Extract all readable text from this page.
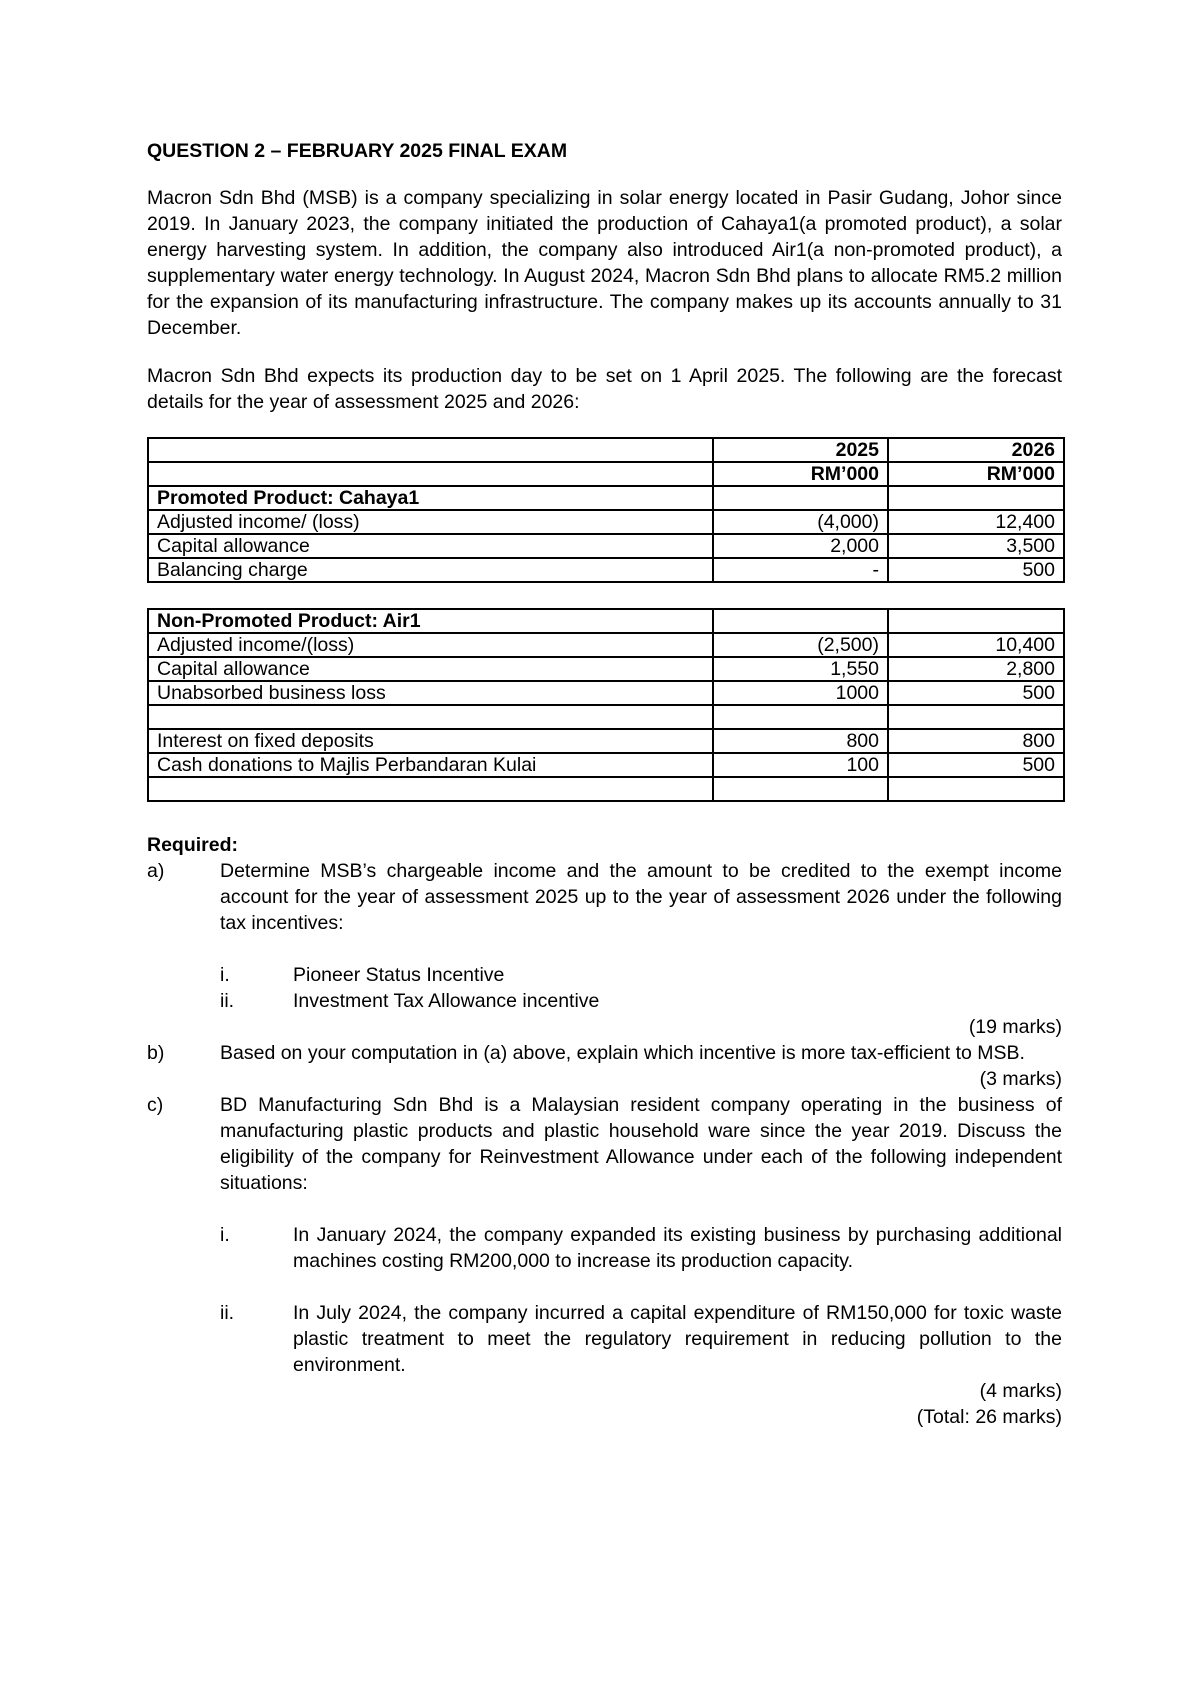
QUESTION 2 – FEBRUARY 2025 FINAL EXAM

Macron Sdn Bhd (MSB) is a company specializing in solar energy located in Pasir Gudang, Johor since 2019. In January 2023, the company initiated the production of Cahaya1(a promoted product), a solar energy harvesting system. In addition, the company also introduced Air1(a non-promoted product), a supplementary water energy technology. In August 2024, Macron Sdn Bhd plans to allocate RM5.2 million for the expansion of its manufacturing infrastructure. The company makes up its accounts annually to 31 December.

Macron Sdn Bhd expects its production day to be set on 1 April 2025. The following are the forecast details for the year of assessment 2025 and 2026:

	2025	2026
	RM’000	RM’000
Promoted Product: Cahaya1		
Adjusted income/ (loss)	(4,000)	12,400
Capital allowance	2,000	3,500
Balancing charge	-	500
Non-Promoted Product: Air1		
Adjusted income/(loss)	(2,500)	10,400
Capital allowance	1,550	2,800
Unabsorbed business loss	1000	500

Interest on fixed deposits	800	800
Cash donations to Majlis Perbandaran Kulai	100	500

Required:
a)	Determine MSB’s chargeable income and the amount to be credited to the exempt income account for the year of assessment 2025 up to the year of assessment 2026 under the following tax incentives:
i.	Pioneer Status Incentive
ii.	Investment Tax Allowance incentive
(19 marks)
b)	Based on your computation in (a) above, explain which incentive is more tax-efficient to MSB.
(3 marks)
c)	BD Manufacturing Sdn Bhd is a Malaysian resident company operating in the business of manufacturing plastic products and plastic household ware since the year 2019. Discuss the eligibility of the company for Reinvestment Allowance under each of the following independent situations:
i.	In January 2024, the company expanded its existing business by purchasing additional machines costing RM200,000 to increase its production capacity.
ii.	In July 2024, the company incurred a capital expenditure of RM150,000 for toxic waste plastic treatment to meet the regulatory requirement in reducing pollution to the environment.
(4 marks)
(Total: 26 marks)
